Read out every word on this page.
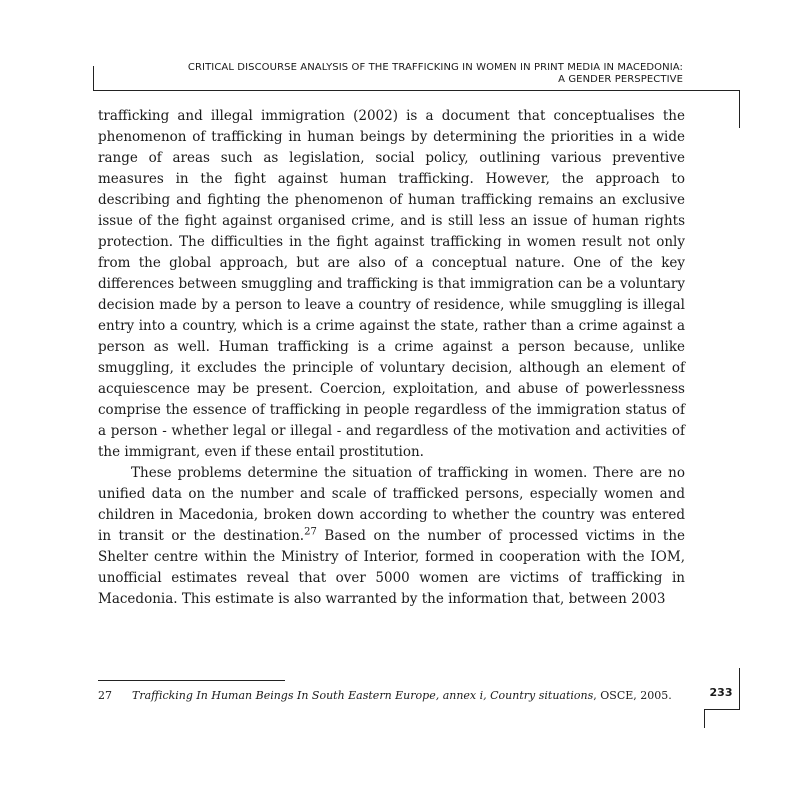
CRITICAL DISCOURSE ANALYSIS OF THE TRAFFICKING IN WOMEN IN PRINT MEDIA IN MACEDONIA:
A GENDER PERSPECTIVE

trafficking and illegal immigration (2002) is a document that conceptualises the phenomenon of trafficking in human beings by determining the priorities in a wide range of areas such as legislation, social policy, outlining various preventive measures in the fight against human trafficking. However, the approach to describing and fighting the phenomenon of human trafficking remains an exclusive issue of the fight against organised crime, and is still less an issue of human rights protection. The difficulties in the fight against trafficking in women result not only from the global approach, but are also of a conceptual nature. One of the key differences between smuggling and trafficking is that immigration can be a voluntary decision made by a person to leave a country of residence, while smuggling is illegal entry into a country, which is a crime against the state, rather than a crime against a person as well. Human trafficking is a crime against a person because, unlike smuggling, it excludes the principle of voluntary decision, although an element of acquiescence may be present. Coercion, exploitation, and abuse of powerlessness comprise the essence of trafficking in people regardless of the immigration status of a person - whether legal or illegal - and regardless of the motivation and activities of the immigrant, even if these entail prostitution.

These problems determine the situation of trafficking in women. There are no unified data on the number and scale of trafficked persons, especially women and children in Macedonia, broken down according to whether the country was entered in transit or the destination.$^{27}$ Based on the number of processed victims in the Shelter centre within the Ministry of Interior, formed in cooperation with the IOM, unofficial estimates reveal that over 5000 women are victims of trafficking in Macedonia. This estimate is also warranted by the information that, between 2003

27 Trafficking In Human Beings In South Eastern Europe, annex i, Country situations, OSCE, 2005.	233
